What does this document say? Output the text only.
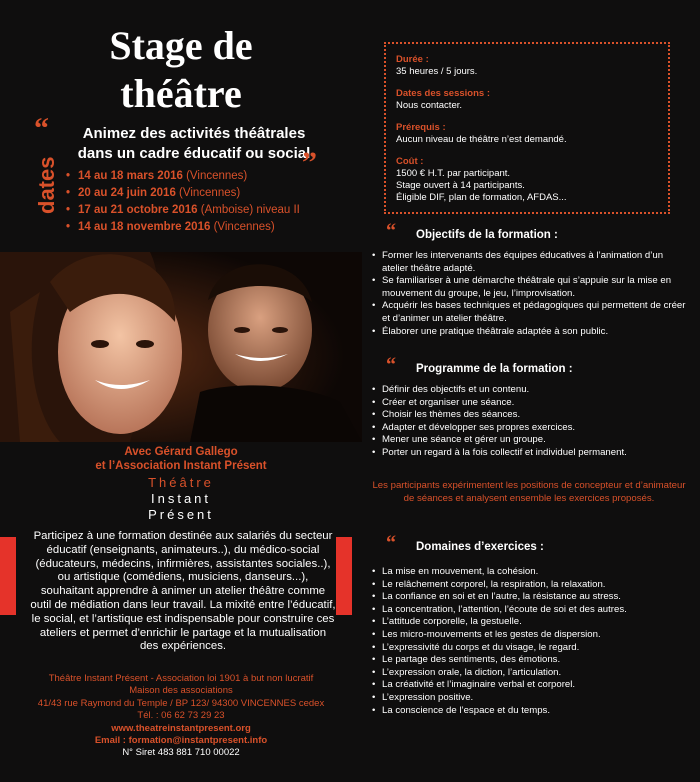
Stage de
théâtre
“	Animez des activités théâtrales
dans un cadre éducatif ou social
”
dates
•	14 au 18 mars 2016 (Vincennes)
• 20 au 24 juin 2016 (Vincennes)
• 17 au 21 octobre 2016 (Amboise) niveau II
• 14 au 18 novembre 2016 (Vincennes)
Avec Gérard Gallego
et l’Association Instant Présent
Théâtre
Instant
Présent
Participez à une formation destinée aux salariés du secteur éducatif (enseignants, animateurs..), du médico-social (éducateurs, médecins, infirmières, assistantes sociales..), ou artistique (comédiens, musiciens, danseurs...), souhaitant apprendre à animer un atelier théâtre comme outil de médiation dans leur travail. La mixité entre l’éducatif, le social, et l’artistique est indispensable pour construire ces ateliers et permet d’enrichir le partage et la mutualisation des expériences.
Théâtre Instant Présent - Association loi 1901 à but non lucratif
Maison des associations
41/43 rue Raymond du Temple / BP 123/ 94300 VINCENNES cedex
Tél. : 06 62 73 29 23
www.theatreinstantpresent.org
Email : formation@instantpresent.info
N° Siret 483 881 710 00022
Durée :
35 heures / 5 jours.
Dates des sessions :
Nous contacter.
Prérequis :
Aucun niveau de théâtre n’est demandé.
Coût :
1500 € H.T. par participant.
Stage ouvert à 14 participants.
Éligible DIF, plan de formation, AFDAS...
“ Objectifs de la formation :
• Former les intervenants des équipes éducatives à l’animation d’un atelier théâtre adapté.
• Se familiariser à une démarche théâtrale qui s’appuie sur la mise en mouvement du groupe, le jeu, l’improvisation.
• Acquérir les bases techniques et pédagogiques qui permettent de créer et d’animer un atelier théâtre.
• Élaborer une pratique théâtrale adaptée à son public.
“ Programme de la formation :
• Définir des objectifs et un contenu.
• Créer et organiser une séance.
• Choisir les thèmes des séances.
• Adapter et développer ses propres exercices.
• Mener une séance et gérer un groupe.
• Porter un regard à la fois collectif et individuel permanent.
Les participants expérimentent les positions de concepteur et d’animateur de séances et analysent ensemble les exercices proposés.
“ Domaines d’exercices :
• La mise en mouvement, la cohésion.
• Le relâchement corporel, la respiration, la relaxation.
• La confiance en soi et en l’autre, la résistance au stress.
• La concentration, l’attention, l’écoute de soi et des autres.
• L’attitude corporelle, la gestuelle.
• Les micro-mouvements et les gestes de dispersion.
• L’expressivité du corps et du visage, le regard.
• Le partage des sentiments, des émotions.
• L’expression orale, la diction, l’articulation.
• La créativité et l’imaginaire verbal et corporel.
• L’expression positive.
• La conscience de l’espace et du temps.
